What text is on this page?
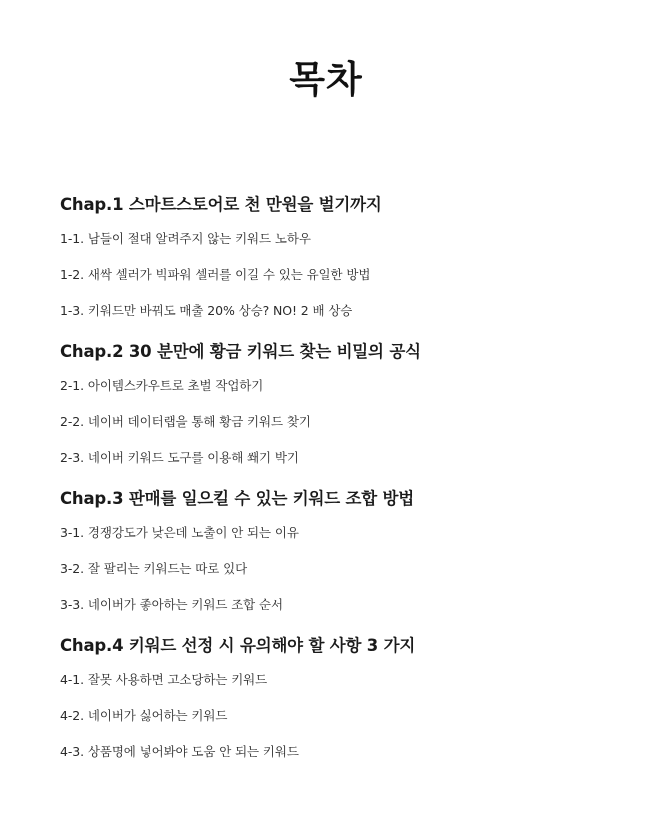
목차
Chap.1 스마트스토어로 천 만원을 벌기까지

1-1. 남들이 절대 알려주지 않는 키워드 노하우

1-2. 새싹 셀러가 빅파워 셀러를 이길 수 있는 유일한 방법

1-3. 키워드만 바꿔도 매출 20% 상승? NO! 2 배 상승

Chap.2 30 분만에 황금 키워드 찾는 비밀의 공식

2-1. 아이템스카우트로 초벌 작업하기

2-2. 네이버 데이터랩을 통해 황금 키워드 찾기

2-3. 네이버 키워드 도구를 이용해 쐐기 박기

Chap.3 판매를 일으킬 수 있는 키워드 조합 방법

3-1. 경쟁강도가 낮은데 노출이 안 되는 이유

3-2. 잘 팔리는 키워드는 따로 있다

3-3. 네이버가 좋아하는 키워드 조합 순서

Chap.4 키워드 선정 시 유의해야 할 사항 3 가지

4-1. 잘못 사용하면 고소당하는 키워드

4-2. 네이버가 싫어하는 키워드

4-3. 상품명에 넣어봐야 도움 안 되는 키워드
